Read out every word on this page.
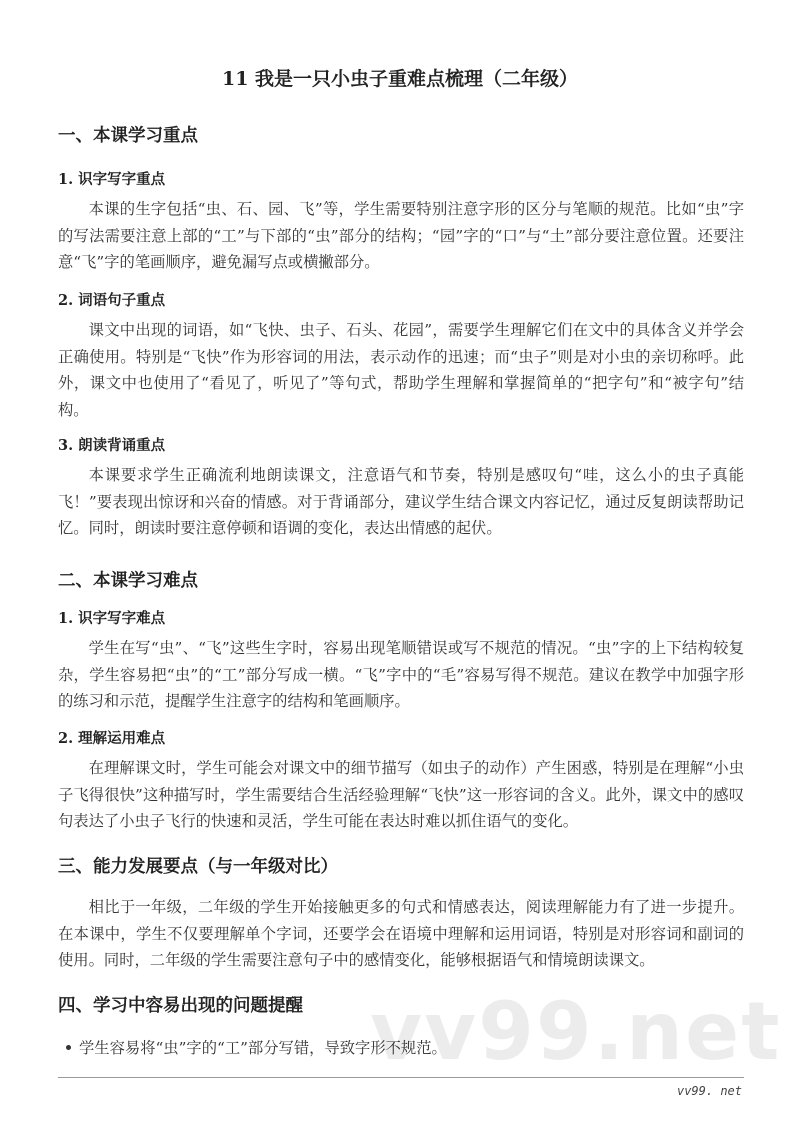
11 我是一只小虫子重难点梳理（二年级）
一、本课学习重点
1. 识字写字重点
本课的生字包括“虫、石、园、飞”等，学生需要特别注意字形的区分与笔顺的规范。比如“虫”字的写法需要注意上部的“工”与下部的“虫”部分的结构；“园”字的“口”与“土”部分要注意位置。还要注意“飞”字的笔画顺序，避免漏写点或横撇部分。
2. 词语句子重点
课文中出现的词语，如“飞快、虫子、石头、花园”，需要学生理解它们在文中的具体含义并学会正确使用。特别是“飞快”作为形容词的用法，表示动作的迅速；而“虫子”则是对小虫的亲切称呼。此外，课文中也使用了“看见了，听见了”等句式，帮助学生理解和掌握简单的“把字句”和“被字句”结构。
3. 朗读背诵重点
本课要求学生正确流利地朗读课文，注意语气和节奏，特别是感叹句“哇，这么小的虫子真能飞！”要表现出惊讶和兴奋的情感。对于背诵部分，建议学生结合课文内容记忆，通过反复朗读帮助记忆。同时，朗读时要注意停顿和语调的变化，表达出情感的起伏。
二、本课学习难点
1. 识字写字难点
学生在写“虫”、“飞”这些生字时，容易出现笔顺错误或写不规范的情况。“虫”字的上下结构较复杂，学生容易把“虫”的“工”部分写成一横。“飞”字中的“毛”容易写得不规范。建议在教学中加强字形的练习和示范，提醒学生注意字的结构和笔画顺序。
2. 理解运用难点
在理解课文时，学生可能会对课文中的细节描写（如虫子的动作）产生困惑，特别是在理解“小虫子飞得很快”这种描写时，学生需要结合生活经验理解“飞快”这一形容词的含义。此外，课文中的感叹句表达了小虫子飞行的快速和灵活，学生可能在表达时难以抓住语气的变化。
三、能力发展要点（与一年级对比）
相比于一年级，二年级的学生开始接触更多的句式和情感表达，阅读理解能力有了进一步提升。在本课中，学生不仅要理解单个字词，还要学会在语境中理解和运用词语，特别是对形容词和副词的使用。同时，二年级的学生需要注意句子中的感情变化，能够根据语气和情境朗读课文。
四、学习中容易出现的问题提醒
学生容易将“虫”字的“工”部分写错，导致字形不规范。
vv99.net
vv99. net
